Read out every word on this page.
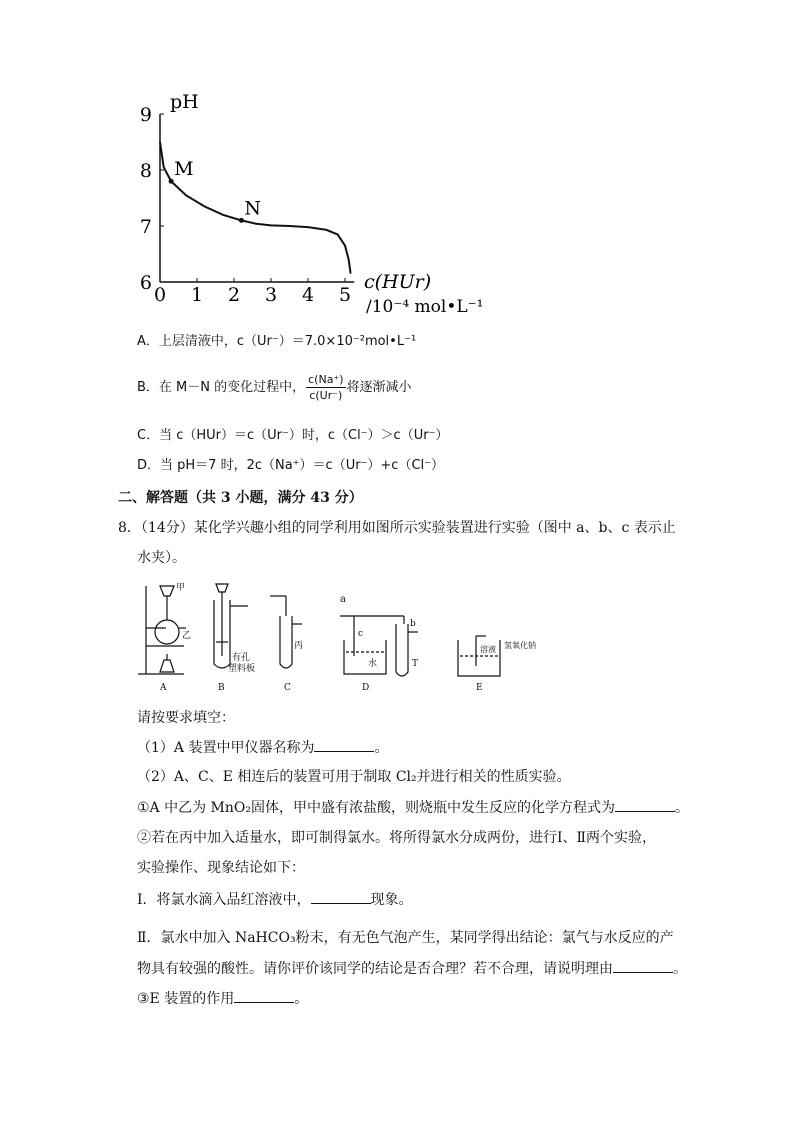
0 1 2 3 4 5
6
7
8
9
M
N
pH
c(HUr)
/10⁻⁴ mol•L⁻¹
A．上层清液中，c（Ur⁻）＝7.0×10⁻²mol•L⁻¹
B．在 M－N 的变化过程中， $\frac{c(Na^+)}{c(Ur^-)}$ 将逐渐减小
C．当 c（HUr）＝c（Ur⁻）时，c（Cl⁻）＞c（Ur⁻）
D．当 pH＝7 时，2c（Na⁺）＝c（Ur⁻）+c（Cl⁻）
二、解答题（共 3 小题，满分 43 分）
8．（14分）某化学兴趣小组的同学利用如图所示实验装置进行实验（图中 a、b、c 表示止
水夹）。
甲
乙
有孔
塑料板
丙
a
c
b
水	T
溶液 氢氧化钠
A	B	C	D	E
请按要求填空：
（1）A 装置中甲仪器名称为	。
（2）A、C、E 相连后的装置可用于制取 Cl₂并进行相关的性质实验。
①A 中乙为 MnO₂固体，甲中盛有浓盐酸，则烧瓶中发生反应的化学方程式为	。
②若在丙中加入适量水，即可制得氯水。将所得氯水分成两份，进行Ⅰ、Ⅱ两个实验，
实验操作、现象结论如下：
Ⅰ．将氯水滴入品红溶液中，	现象。
Ⅱ．氯水中加入 NaHCO₃粉末，有无色气泡产生，某同学得出结论：氯气与水反应的产
物具有较强的酸性。请你评价该同学的结论是否合理？若不合理，请说明理由	。
③E 装置的作用	。
